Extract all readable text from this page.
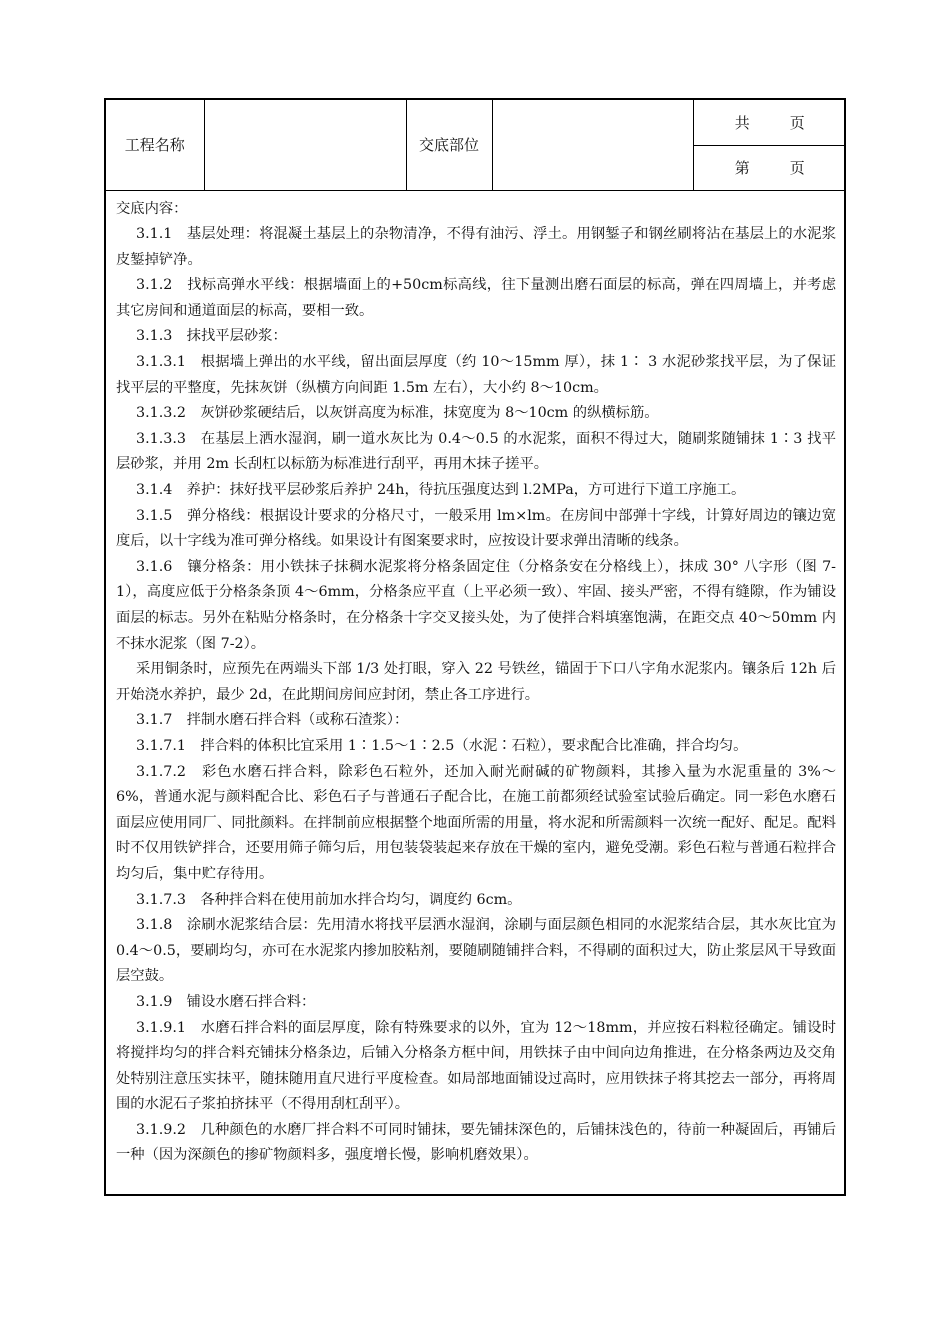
工程名称		交底部位		共	页
第	页

交底内容：

3.1.1　基层处理：将混凝土基层上的杂物清净，不得有油污、浮土。用钢錾子和钢丝刷将沾在基层上的水泥浆皮錾掉铲净。

3.1.2　找标高弹水平线：根据墙面上的+50cm标高线，往下量测出磨石面层的标高，弹在四周墙上，并考虑其它房间和通道面层的标高，要相一致。

3.1.3　抹找平层砂浆：

3.1.3.1　根据墙上弹出的水平线，留出面层厚度（约 10～15mm 厚），抹 1∶ 3 水泥砂浆找平层，为了保证找平层的平整度，先抹灰饼（纵横方向间距 1.5m 左右），大小约 8～10cm。

3.1.3.2　灰饼砂浆硬结后，以灰饼高度为标准，抹宽度为 8～10cm 的纵横标筋。

3.1.3.3　在基层上洒水湿润，刷一道水灰比为 0.4～0.5 的水泥浆，面积不得过大，随刷浆随铺抹 1∶3 找平层砂浆，并用 2m 长刮杠以标筋为标准进行刮平，再用木抹子搓平。

3.1.4　养护：抹好找平层砂浆后养护 24h，待抗压强度达到 l.2MPa，方可进行下道工序施工。

3.1.5　弹分格线：根据设计要求的分格尺寸，一般采用 lm×lm。在房间中部弹十字线，计算好周边的镶边宽度后，以十字线为准可弹分格线。如果设计有图案要求时，应按设计要求弹出清晰的线条。

3.1.6　镶分格条：用小铁抹子抹稠水泥浆将分格条固定住（分格条安在分格线上），抹成 30° 八字形（图 7-1），高度应低于分格条条顶 4～6mm，分格条应平直（上平必须一致）、牢固、接头严密，不得有缝隙，作为铺设面层的标志。另外在粘贴分格条时，在分格条十字交叉接头处，为了使拌合料填塞饱满，在距交点 40～50mm 内不抹水泥浆（图 7-2）。

采用铜条时，应预先在两端头下部 1/3 处打眼，穿入 22 号铁丝，锚固于下口八字角水泥浆内。镶条后 12h 后开始浇水养护，最少 2d，在此期间房间应封闭，禁止各工序进行。

3.1.7　拌制水磨石拌合料（或称石渣浆）：

3.1.7.1　拌合料的体积比宜采用 1∶1.5～1∶2.5（水泥∶石粒），要求配合比准确，拌合均匀。

3.1.7.2　彩色水磨石拌合料，除彩色石粒外，还加入耐光耐碱的矿物颜料，其掺入量为水泥重量的 3%～6%，普通水泥与颜料配合比、彩色石子与普通石子配合比，在施工前都须经试验室试验后确定。同一彩色水磨石面层应使用同厂、同批颜料。在拌制前应根据整个地面所需的用量，将水泥和所需颜料一次统一配好、配足。配料时不仅用铁铲拌合，还要用筛子筛匀后，用包装袋装起来存放在干燥的室内，避免受潮。彩色石粒与普通石粒拌合均匀后，集中贮存待用。

3.1.7.3　各种拌合料在使用前加水拌合均匀，调度约 6cm。

3.1.8　涂刷水泥浆结合层：先用清水将找平层洒水湿润，涂刷与面层颜色相同的水泥浆结合层，其水灰比宜为 0.4～0.5，要刷均匀，亦可在水泥浆内掺加胶粘剂，要随刷随铺拌合料，不得刷的面积过大，防止浆层风干导致面层空鼓。

3.1.9　铺设水磨石拌合料：

3.1.9.1　水磨石拌合料的面层厚度，除有特殊要求的以外，宜为 12～18mm，并应按石料粒径确定。铺设时将搅拌均匀的拌合料充铺抹分格条边，后铺入分格条方框中间，用铁抹子由中间向边角推进，在分格条两边及交角处特别注意压实抹平，随抹随用直尺进行平度检查。如局部地面铺设过高时，应用铁抹子将其挖去一部分，再将周围的水泥石子浆拍挤抹平（不得用刮杠刮平）。

3.1.9.2　几种颜色的水磨厂拌合料不可同时铺抹，要先铺抹深色的，后铺抹浅色的，待前一种凝固后，再铺后一种（因为深颜色的掺矿物颜料多，强度增长慢，影响机磨效果）。
